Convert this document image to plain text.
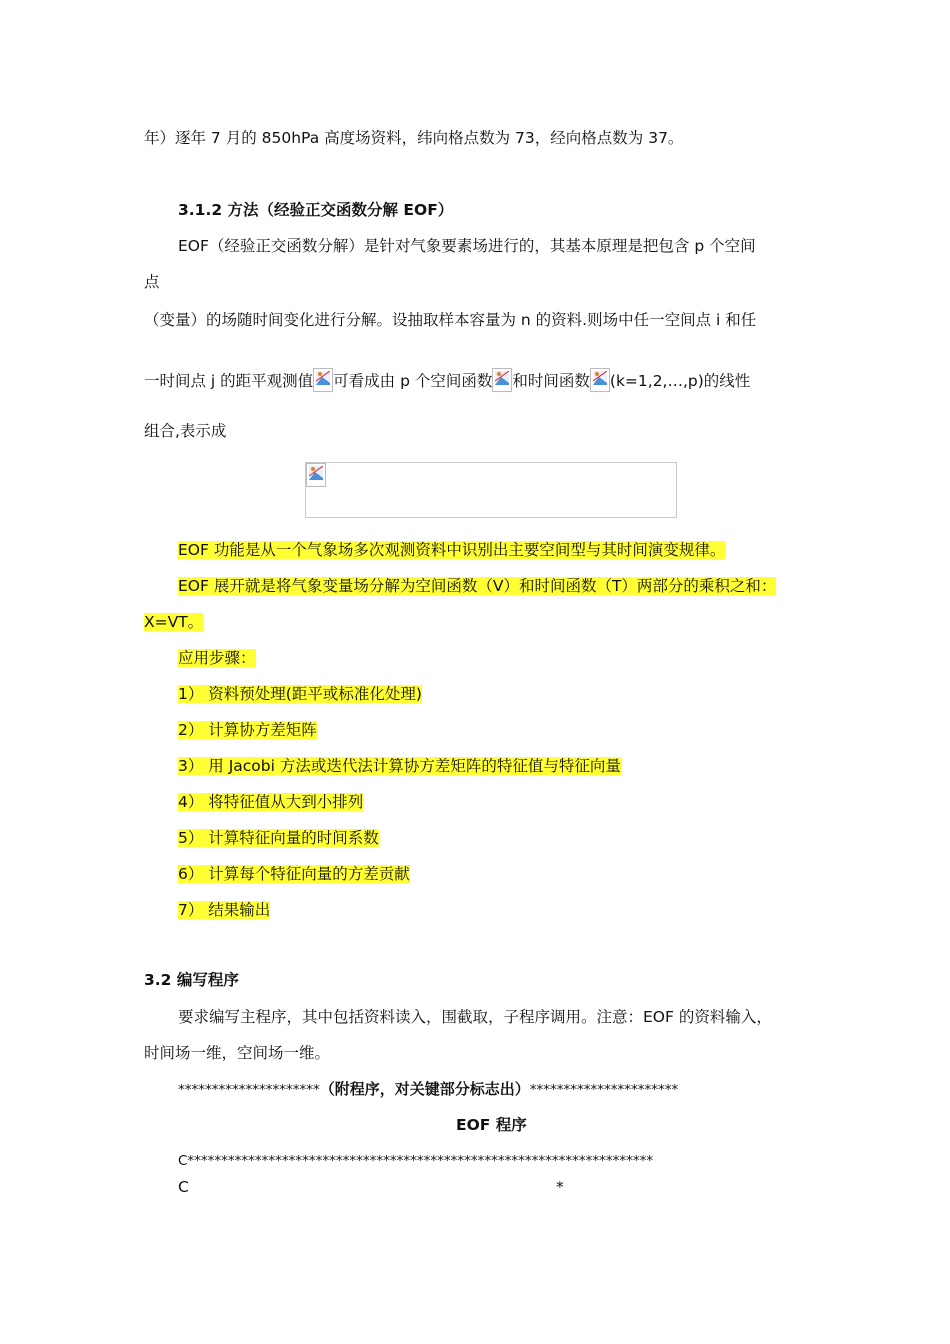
年）逐年 7 月的 850hPa 高度场资料，纬向格点数为 73，经向格点数为 37。
3.1.2 方法（经验正交函数分解 EOF）
EOF（经验正交函数分解）是针对气象要素场进行的，其基本原理是把包含 p 个空间
点
（变量）的场随时间变化进行分解。设抽取样本容量为 n 的资料.则场中任一空间点 i 和任
一时间点 j 的距平观测值 可看成由 p 个空间函数 和时间函数 (k=1,2,…,p)的线性
组合,表示成
EOF 功能是从一个气象场多次观测资料中识别出主要空间型与其时间演变规律。
EOF 展开就是将气象变量场分解为空间函数（V）和时间函数（T）两部分的乘积之和：
X=VT。
应用步骤：
1） 资料预处理(距平或标准化处理)
2） 计算协方差矩阵
3） 用 Jacobi 方法或迭代法计算协方差矩阵的特征值与特征向量
4） 将特征值从大到小排列
5） 计算特征向量的时间系数
6） 计算每个特征向量的方差贡献
7） 结果输出
3.2 编写程序
要求编写主程序，其中包括资料读入，围截取，子程序调用。注意：EOF 的资料输入，
时间场一维，空间场一维。
*********************（附程序，对关键部分标志出）**********************
EOF 程序
C*********************************************************************
C	*
